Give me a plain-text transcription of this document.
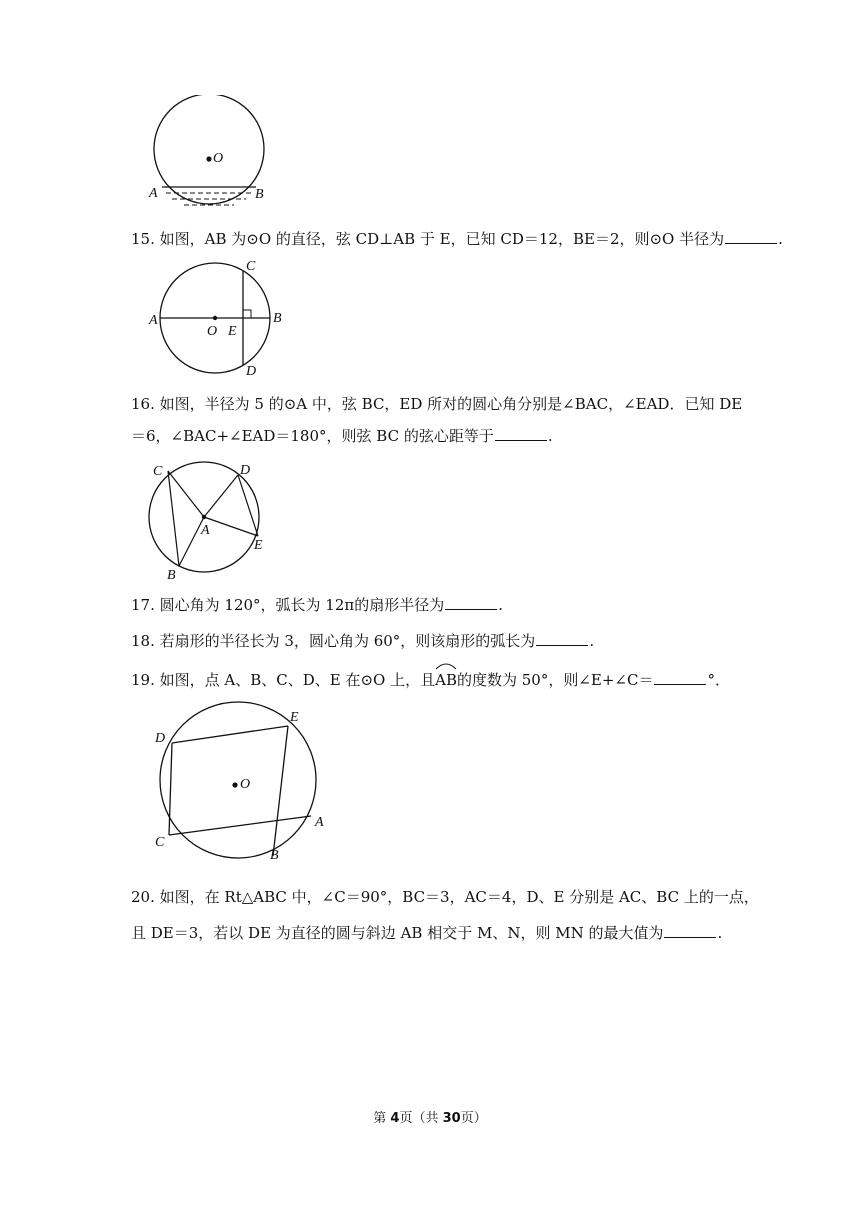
O
A	B
15. 如图，AB 为⊙O 的直径，弦 CD⊥AB 于 E，已知 CD＝12，BE＝2，则⊙O 半径为	.
A	B
C
D
O E
16. 如图，半径为 5 的⊙A 中，弦 BC，ED 所对的圆心角分别是∠BAC，∠EAD．已知 DE
＝6，∠BAC+∠EAD＝180°，则弦 BC 的弦心距等于	.
C	D
A
E
B
17. 圆心角为 120°，弧长为 12π的扇形半径为	.
18. 若扇形的半径长为 3，圆心角为 60°，则该扇形的弧长为	.
19. 如图，点 A、B、C、D、E 在⊙O 上，且
AB的度数为 50°，则∠E+∠C＝	°．
D
E
O
C
A
B
20. 如图，在 Rt△ABC 中，∠C＝90°，BC＝3，AC＝4，D、E 分别是 AC、BC 上的一点，
且 DE＝3，若以 DE 为直径的圆与斜边 AB 相交于 M、N，则 MN 的最大值为	.
第 4页（共 30页）
